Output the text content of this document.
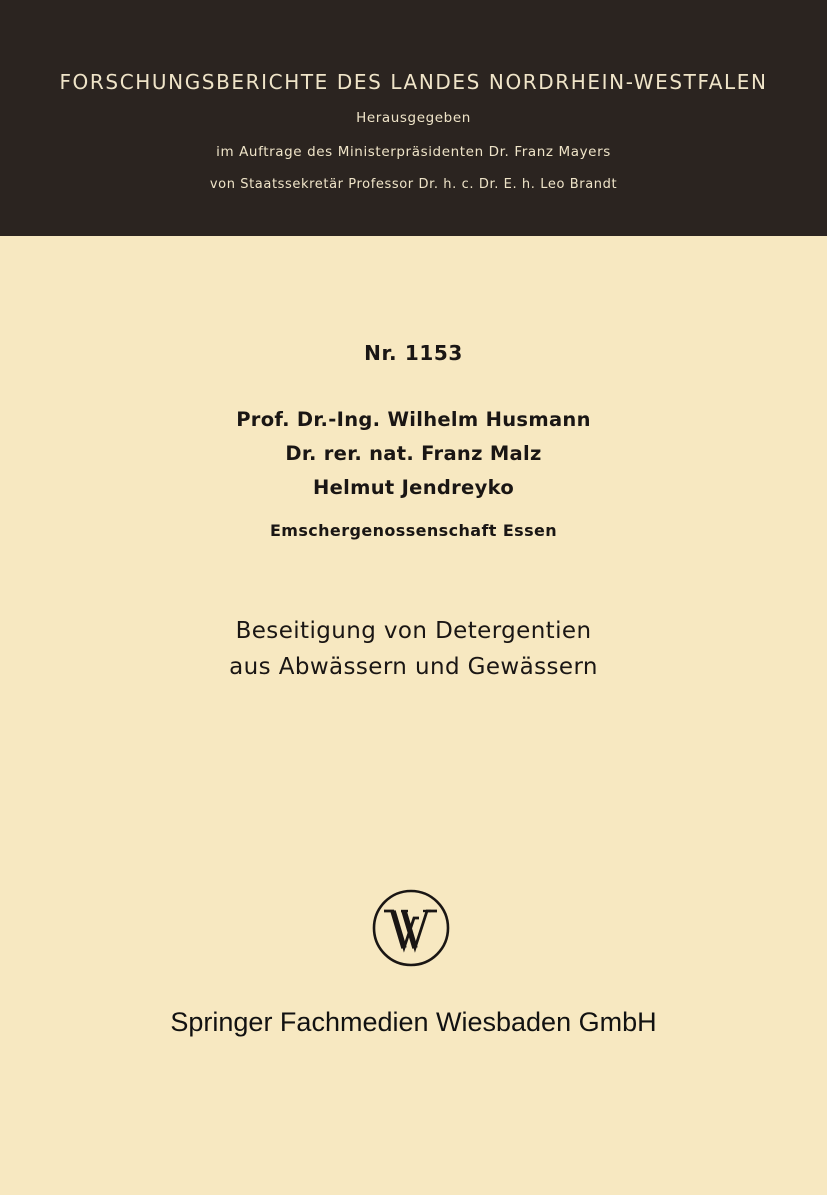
FORSCHUNGSBERICHTE DES LANDES NORDRHEIN-WESTFALEN
Herausgegeben
im Auftrage des Ministerpräsidenten Dr. Franz Mayers
von Staatssekretär Professor Dr. h. c. Dr. E. h. Leo Brandt
Nr. 1153
Prof. Dr.-Ing. Wilhelm Husmann
Dr. rer. nat. Franz Malz
Helmut Jendreyko
Emschergenossenschaft Essen
Beseitigung von Detergentien
aus Abwässern und Gewässern
Springer Fachmedien Wiesbaden GmbH
